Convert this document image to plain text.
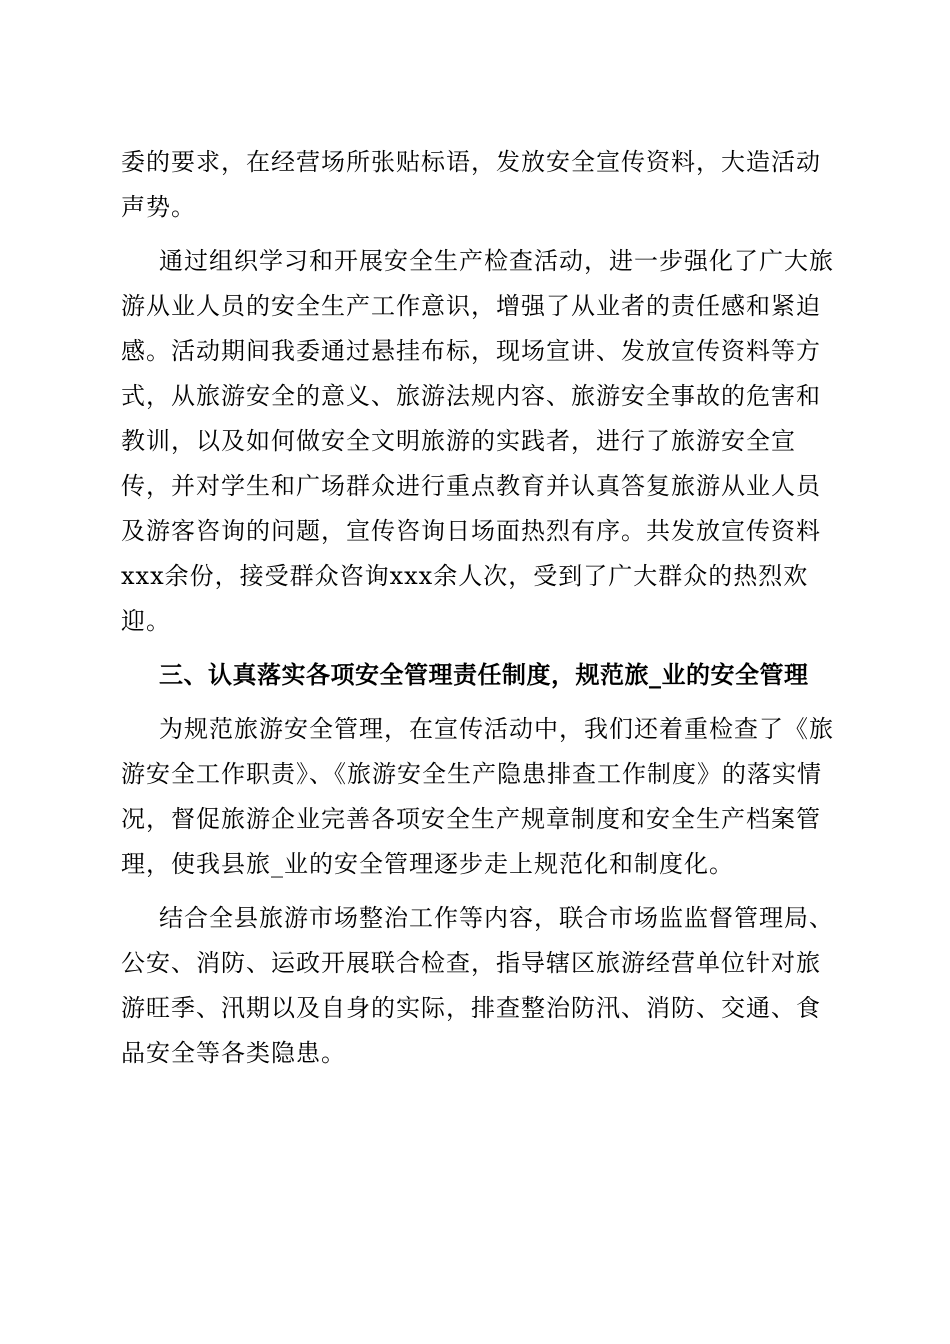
委的要求，在经营场所张贴标语，发放安全宣传资料，大造活动声势。

通过组织学习和开展安全生产检查活动，进一步强化了广大旅游从业人员的安全生产工作意识，增强了从业者的责任感和紧迫感。活动期间我委通过悬挂布标，现场宣讲、发放宣传资料等方式，从旅游安全的意义、旅游法规内容、旅游安全事故的危害和教训，以及如何做安全文明旅游的实践者，进行了旅游安全宣传，并对学生和广场群众进行重点教育并认真答复旅游从业人员及游客咨询的问题，宣传咨询日场面热烈有序。共发放宣传资料xxx余份，接受群众咨询xxx余人次，受到了广大群众的热烈欢迎。

三、认真落实各项安全管理责任制度，规范旅_业的安全管理

为规范旅游安全管理，在宣传活动中，我们还着重检查了《旅游安全工作职责》、《旅游安全生产隐患排查工作制度》的落实情况，督促旅游企业完善各项安全生产规章制度和安全生产档案管理，使我县旅_业的安全管理逐步走上规范化和制度化。

结合全县旅游市场整治工作等内容，联合市场监监督管理局、公安、消防、运政开展联合检查，指导辖区旅游经营单位针对旅游旺季、汛期以及自身的实际，排查整治防汛、消防、交通、食品安全等各类隐患。
